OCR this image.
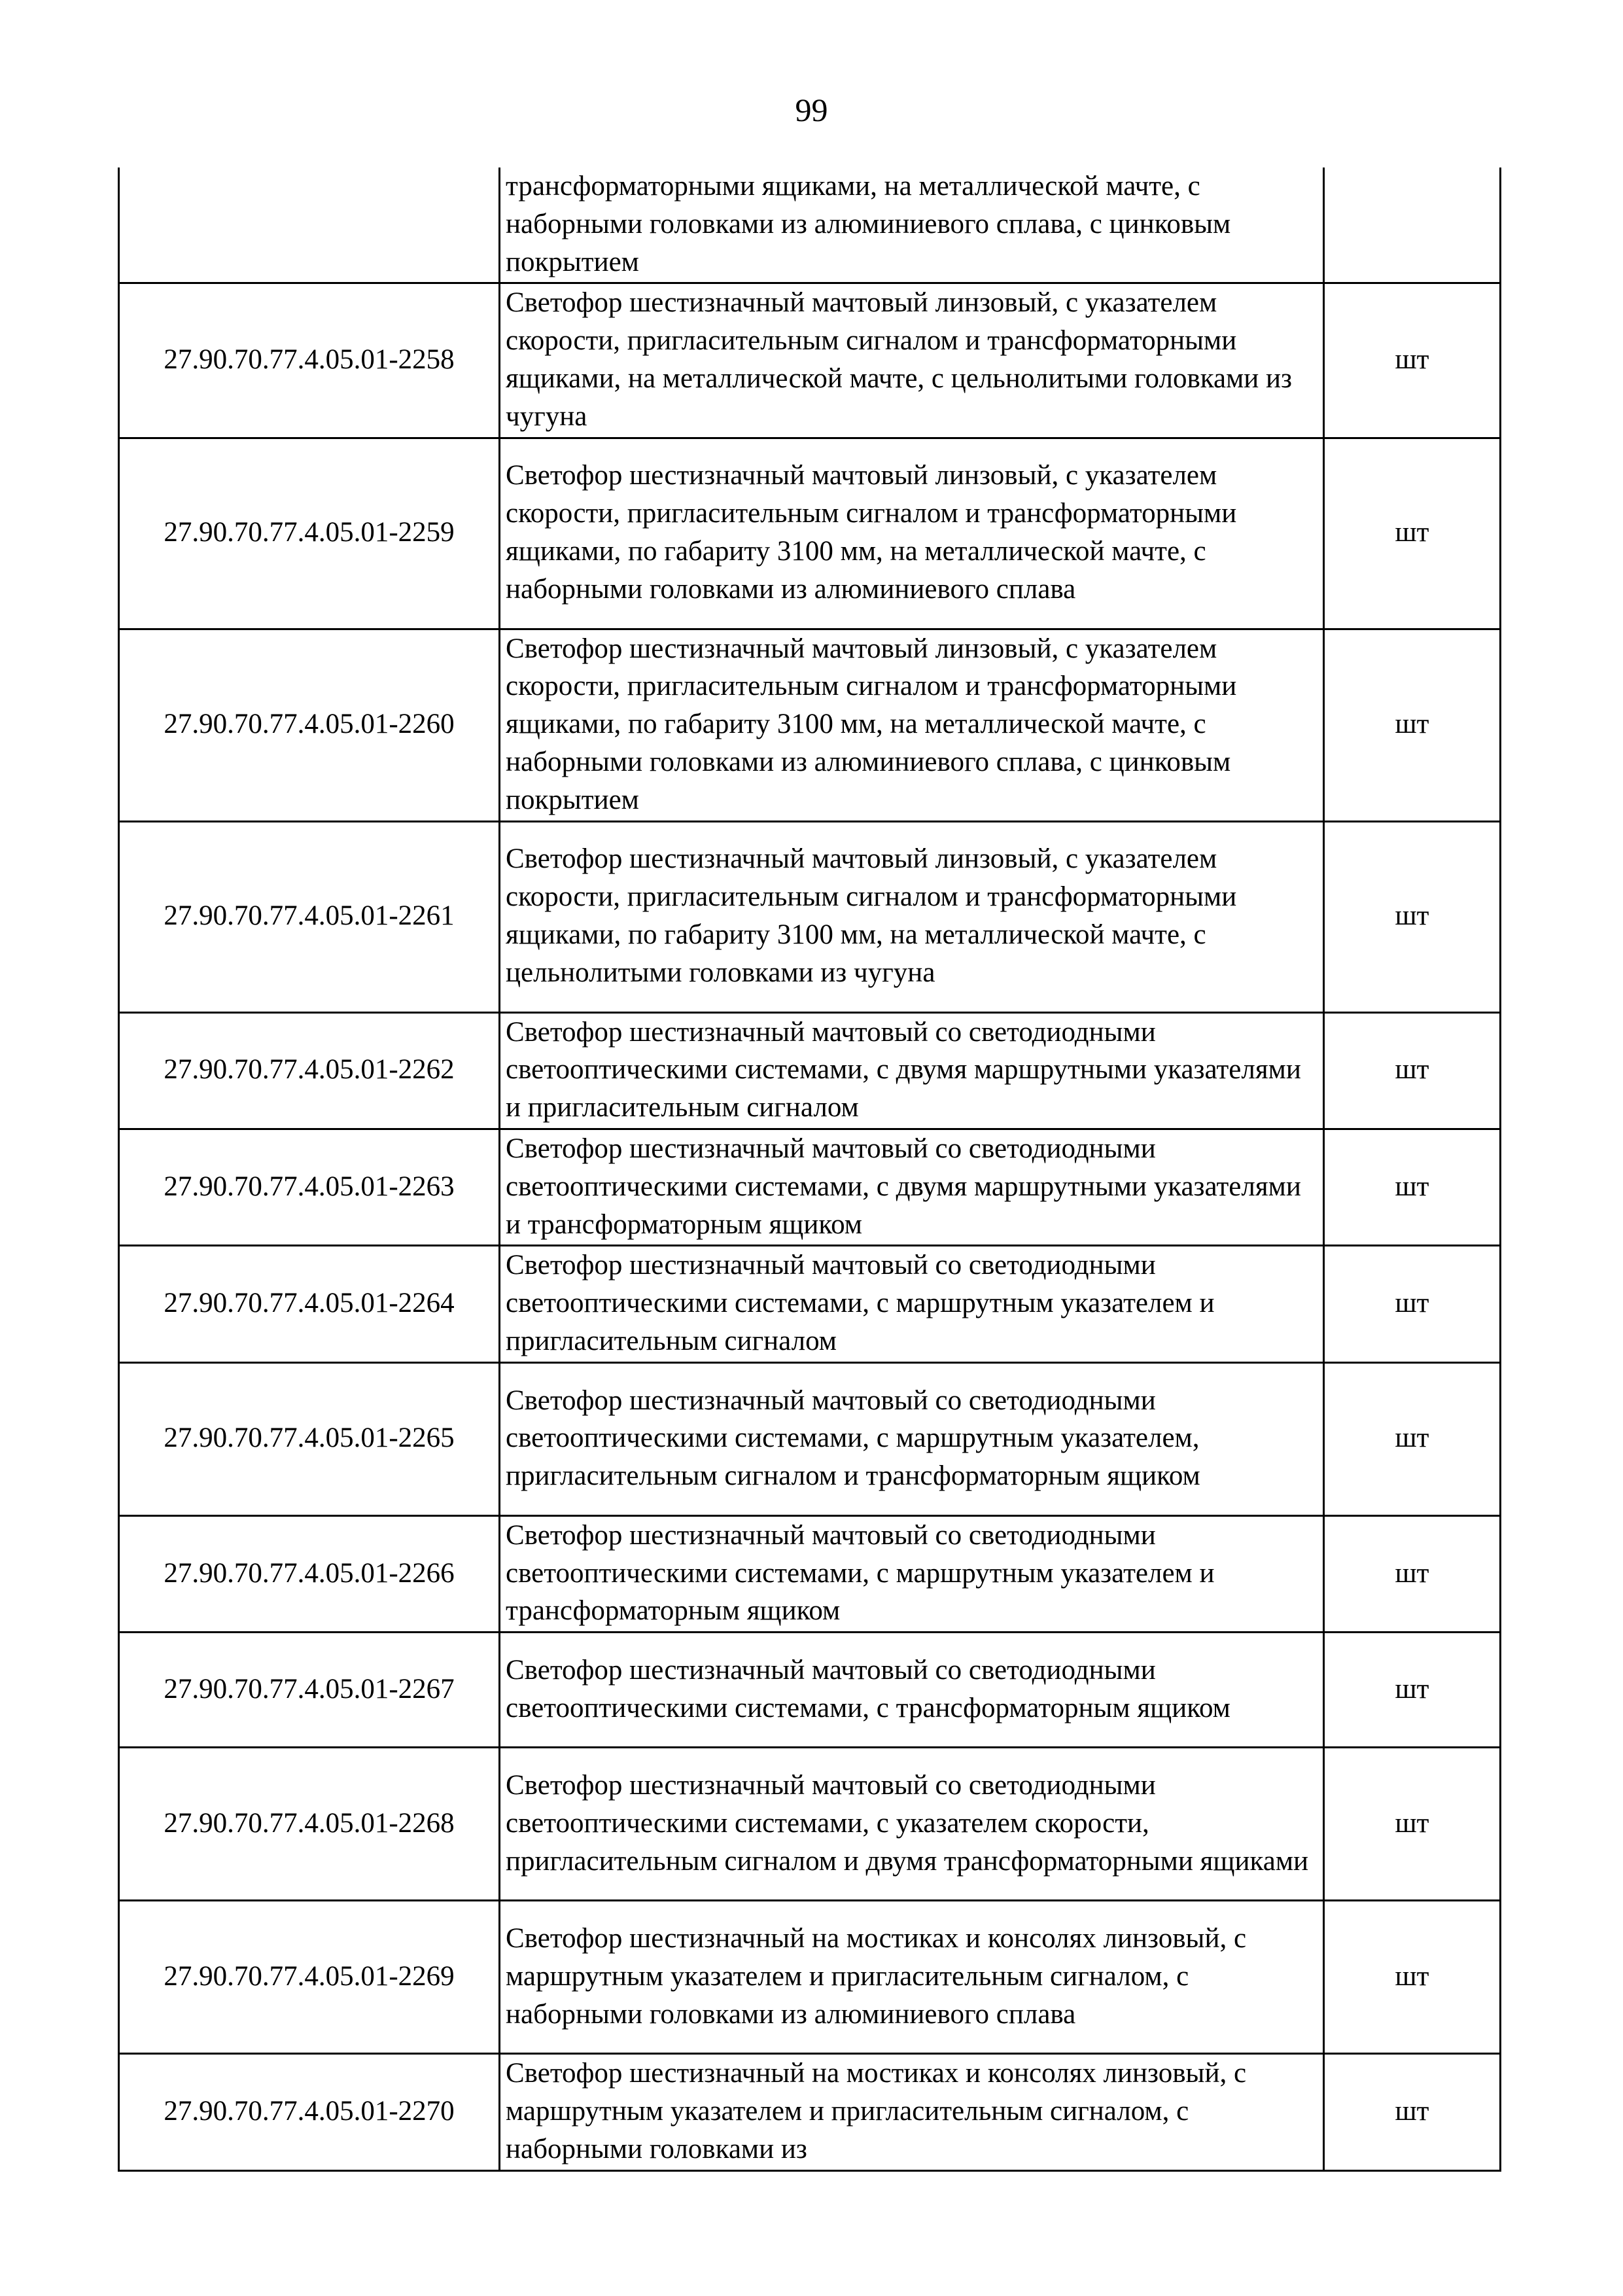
99
	трансформаторными ящиками, на металлической мачте, с наборными головками из алюминиевого сплава, с цинковым покрытием	
27.90.70.77.4.05.01-2258	Светофор шестизначный мачтовый линзовый, с указателем скорости, пригласительным сигналом и трансформаторными ящиками, на металлической мачте, с цельнолитыми головками из чугуна	шт
27.90.70.77.4.05.01-2259	Светофор шестизначный мачтовый линзовый, с указателем скорости, пригласительным сигналом и трансформаторными ящиками, по габариту 3100 мм, на металлической мачте, с наборными головками из алюминиевого сплава	шт
27.90.70.77.4.05.01-2260	Светофор шестизначный мачтовый линзовый, с указателем скорости, пригласительным сигналом и трансформаторными ящиками, по габариту 3100 мм, на металлической мачте, с наборными головками из алюминиевого сплава, с цинковым покрытием	шт
27.90.70.77.4.05.01-2261	Светофор шестизначный мачтовый линзовый, с указателем скорости, пригласительным сигналом и трансформаторными ящиками, по габариту 3100 мм, на металлической мачте, с цельнолитыми головками из чугуна	шт
27.90.70.77.4.05.01-2262	Светофор шестизначный мачтовый со светодиодными светооптическими системами, с двумя маршрутными указателями и пригласительным сигналом	шт
27.90.70.77.4.05.01-2263	Светофор шестизначный мачтовый со светодиодными светооптическими системами, с двумя маршрутными указателями и трансформаторным ящиком	шт
27.90.70.77.4.05.01-2264	Светофор шестизначный мачтовый со светодиодными светооптическими системами, с маршрутным указателем и пригласительным сигналом	шт
27.90.70.77.4.05.01-2265	Светофор шестизначный мачтовый со светодиодными светооптическими системами, с маршрутным указателем, пригласительным сигналом и трансформаторным ящиком	шт
27.90.70.77.4.05.01-2266	Светофор шестизначный мачтовый со светодиодными светооптическими системами, с маршрутным указателем и трансформаторным ящиком	шт
27.90.70.77.4.05.01-2267	Светофор шестизначный мачтовый со светодиодными светооптическими системами, с трансформаторным ящиком	шт
27.90.70.77.4.05.01-2268	Светофор шестизначный мачтовый со светодиодными светооптическими системами, с указателем скорости, пригласительным сигналом и двумя трансформаторными ящиками	шт
27.90.70.77.4.05.01-2269	Светофор шестизначный на мостиках и консолях линзовый, с маршрутным указателем и пригласительным сигналом, с наборными головками из алюминиевого сплава	шт
27.90.70.77.4.05.01-2270	Светофор шестизначный на мостиках и консолях линзовый, с маршрутным указателем и пригласительным сигналом, с наборными головками из	шт
